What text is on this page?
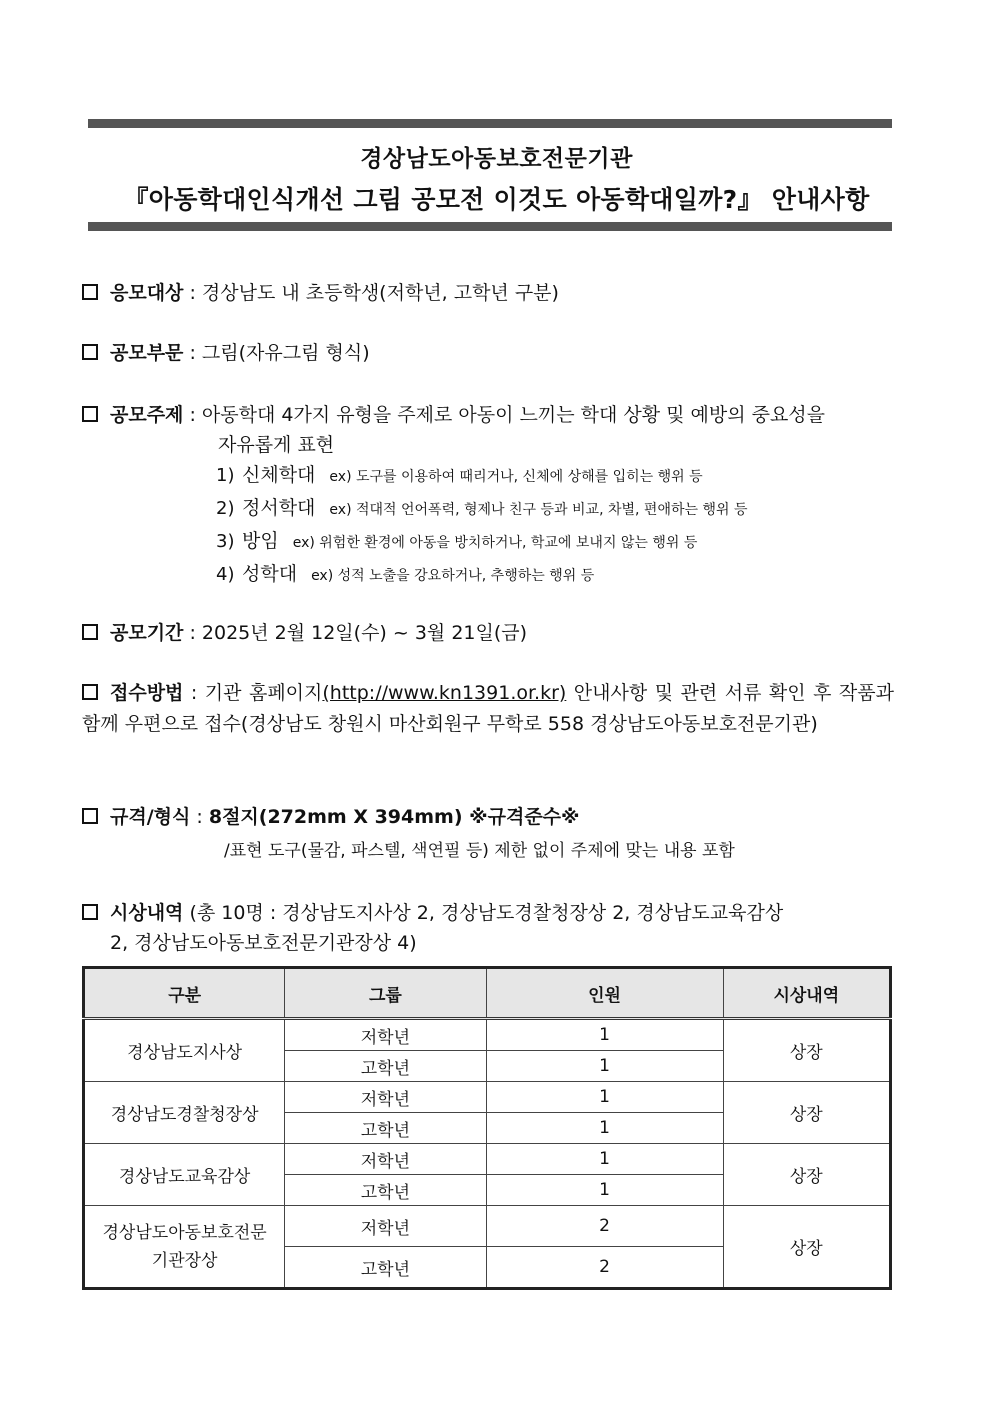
경상남도아동보호전문기관
『아동학대인식개선 그림 공모전 이것도 아동학대일까?』 안내사항
응모대상 : 경상남도 내 초등학생(저학년, 고학년 구분)
공모부문 : 그림(자유그림 형식)
공모주제 : 아동학대 4가지 유형을 주제로 아동이 느끼는 학대 상황 및 예방의 중요성을
자유롭게 표현
1) 신체학대 ex) 도구를 이용하여 때리거나, 신체에 상해를 입히는 행위 등
2) 정서학대 ex) 적대적 언어폭력, 형제나 친구 등과 비교, 차별, 편애하는 행위 등
3) 방임 ex) 위험한 환경에 아동을 방치하거나, 학교에 보내지 않는 행위 등
4) 성학대 ex) 성적 노출을 강요하거나, 추행하는 행위 등
공모기간 : 2025년 2월 12일(수) ~ 3월 21일(금)
접수방법 : 기관 홈페이지(http://www.kn1391.or.kr) 안내사항 및 관련 서류 확인 후 작품과 함께 우편으로 접수(경상남도 창원시 마산회원구 무학로 558 경상남도아동보호전문기관)
규격/형식 : 8절지(272mm X 394mm) ※규격준수※
/표현 도구(물감, 파스텔, 색연필 등) 제한 없이 주제에 맞는 내용 포함
시상내역 (총 10명 : 경상남도지사상 2, 경상남도경찰청장상 2, 경상남도교육감상
2, 경상남도아동보호전문기관장상 4)
구분	그룹	인원	시상내역
경상남도지사상	저학년	1	상장
	고학년	1	
경상남도경찰청장상	저학년	1	상장
	고학년	1	
경상남도교육감상	저학년	1	상장
	고학년	1	

경상남도아동보호전문
기관장상	저학년	2	상장
	고학년	2	
